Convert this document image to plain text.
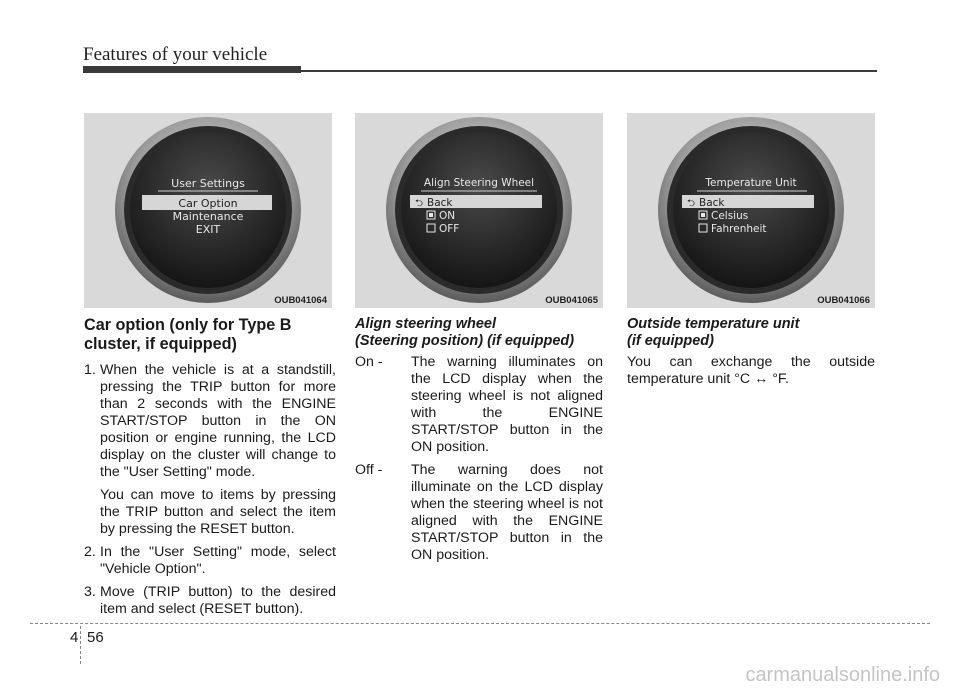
Features of your vehicle
User Settings
Car Option
Maintenance
EXIT
OUB041064
Align Steering Wheel
⮌ Back
ON
OFF
OUB041065
Temperature Unit
⮌ Back
Celsius
Fahrenheit
OUB041066
Car option (only for Type B cluster, if equipped)
1. When the vehicle is at a standstill, pressing the TRIP button for more than 2 seconds with the ENGINE START/STOP button in the ON position or engine running, the LCD display on the cluster will change to the "User Setting" mode.
You can move to items by pressing the TRIP button and select the item by pressing the RESET button.
2. In the "User Setting" mode, select "Vehicle Option".
3. Move (TRIP button) to the desired item and select (RESET button).
Align steering wheel
(Steering position) (if equipped)
On - The warning illuminates on the LCD display when the steering wheel is not aligned with the ENGINE START/STOP button in the ON position.
Off - The warning does not illuminate on the LCD display when the steering wheel is not aligned with the ENGINE START/STOP button in the ON position.
Outside temperature unit
(if equipped)

You can exchange the outside temperature unit °C ↔ °F.

4 56
carmanualsonline.info
